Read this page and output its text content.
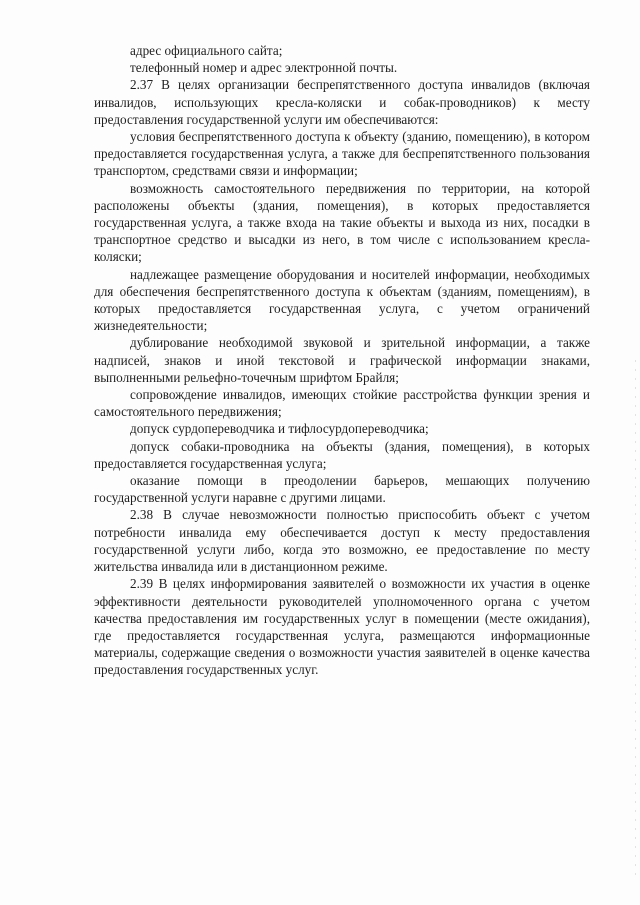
адрес официального сайта;

телефонный номер и адрес электронной почты.

2.37 В целях организации беспрепятственного доступа инвалидов (включая инвалидов, использующих кресла-коляски и собак-проводников) к месту предоставления государственной услуги им обеспечиваются:

условия беспрепятственного доступа к объекту (зданию, помещению), в котором предоставляется государственная услуга, а также для беспрепятственного пользования транспортом, средствами связи и информации;

возможность самостоятельного передвижения по территории, на которой расположены объекты (здания, помещения), в которых предоставляется государственная услуга, а также входа на такие объекты и выхода из них, посадки в транспортное средство и высадки из него, в том числе с использованием кресла-коляски;

надлежащее размещение оборудования и носителей информации, необходимых для обеспечения беспрепятственного доступа к объектам (зданиям, помещениям), в которых предоставляется государственная услуга, с учетом ограничений жизнедеятельности;

дублирование необходимой звуковой и зрительной информации, а также надписей, знаков и иной текстовой и графической информации знаками, выполненными рельефно-точечным шрифтом Брайля;

сопровождение инвалидов, имеющих стойкие расстройства функции зрения и самостоятельного передвижения;

допуск сурдопереводчика и тифлосурдопереводчика;

допуск собаки-проводника на объекты (здания, помещения), в которых предоставляется государственная услуга;

оказание помощи в преодолении барьеров, мешающих получению государственной услуги наравне с другими лицами.

2.38 В случае невозможности полностью приспособить объект с учетом потребности инвалида ему обеспечивается доступ к месту предоставления государственной услуги либо, когда это возможно, ее предоставление по месту жительства инвалида или в дистанционном режиме.

2.39 В целях информирования заявителей о возможности их участия в оценке эффективности деятельности руководителей уполномоченного органа с учетом качества предоставления им государственных услуг в помещении (месте ожидания), где предоставляется государственная услуга, размещаются информационные материалы, содержащие сведения о возможности участия заявителей в оценке качества предоставления государственных услуг.
